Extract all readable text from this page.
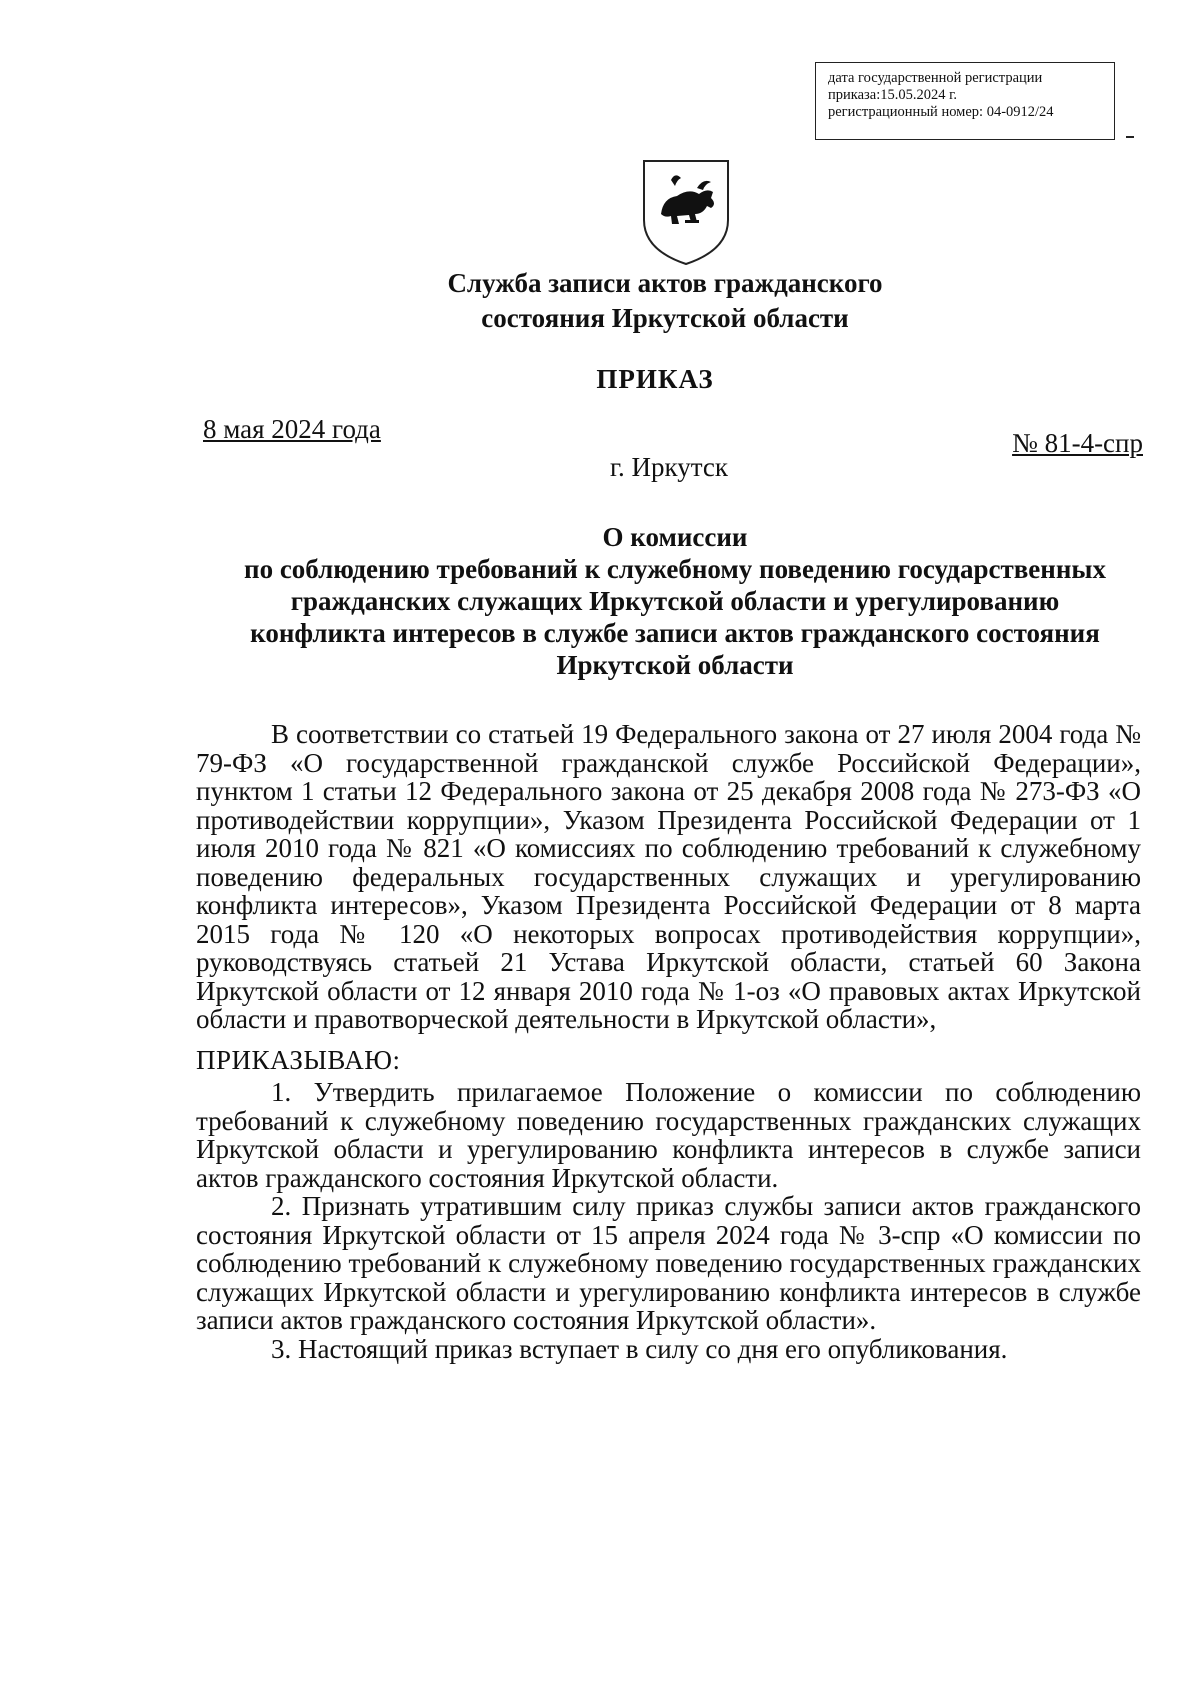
дата государственной регистрации
приказа:15.05.2024 г.
регистрационный номер: 04-0912/24
Служба записи актов гражданского
состояния Иркутской области
ПРИКАЗ
8 мая 2024 года	№ 81-4-спр
г. Иркутск
О комиссии
по соблюдению требований к служебному поведению государственных
гражданских служащих Иркутской области и урегулированию
конфликта интересов в службе записи актов гражданского состояния
Иркутской области

В соответствии со статьей 19 Федерального закона от 27 июля 2004 года № 79-ФЗ «О государственной гражданской службе Российской Федерации», пунктом 1 статьи 12 Федерального закона от 25 декабря 2008 года № 273-ФЗ «О противодействии коррупции», Указом Президента Российской Федерации от 1 июля 2010 года № 821 «О комиссиях по соблюдению требований к служебному поведению федеральных государственных служащих и урегулированию конфликта интересов», Указом Президента Российской Федерации от 8 марта 2015 года № 120 «О некоторых вопросах противодействия коррупции», руководствуясь статьей 21 Устава Иркутской области, статьей 60 Закона Иркутской области от 12 января 2010 года № 1-оз «О правовых актах Иркутской области и правотворческой деятельности в Иркутской области»,

ПРИКАЗЫВАЮ:

1. Утвердить прилагаемое Положение о комиссии по соблюдению требований к служебному поведению государственных гражданских служащих Иркутской области и урегулированию конфликта интересов в службе записи актов гражданского состояния Иркутской области.

2. Признать утратившим силу приказ службы записи актов гражданского состояния Иркутской области от 15 апреля 2024 года № 3-спр «О комиссии по соблюдению требований к служебному поведению государственных гражданских служащих Иркутской области и урегулированию конфликта интересов в службе записи актов гражданского состояния Иркутской области».

3. Настоящий приказ вступает в силу со дня его опубликования.
